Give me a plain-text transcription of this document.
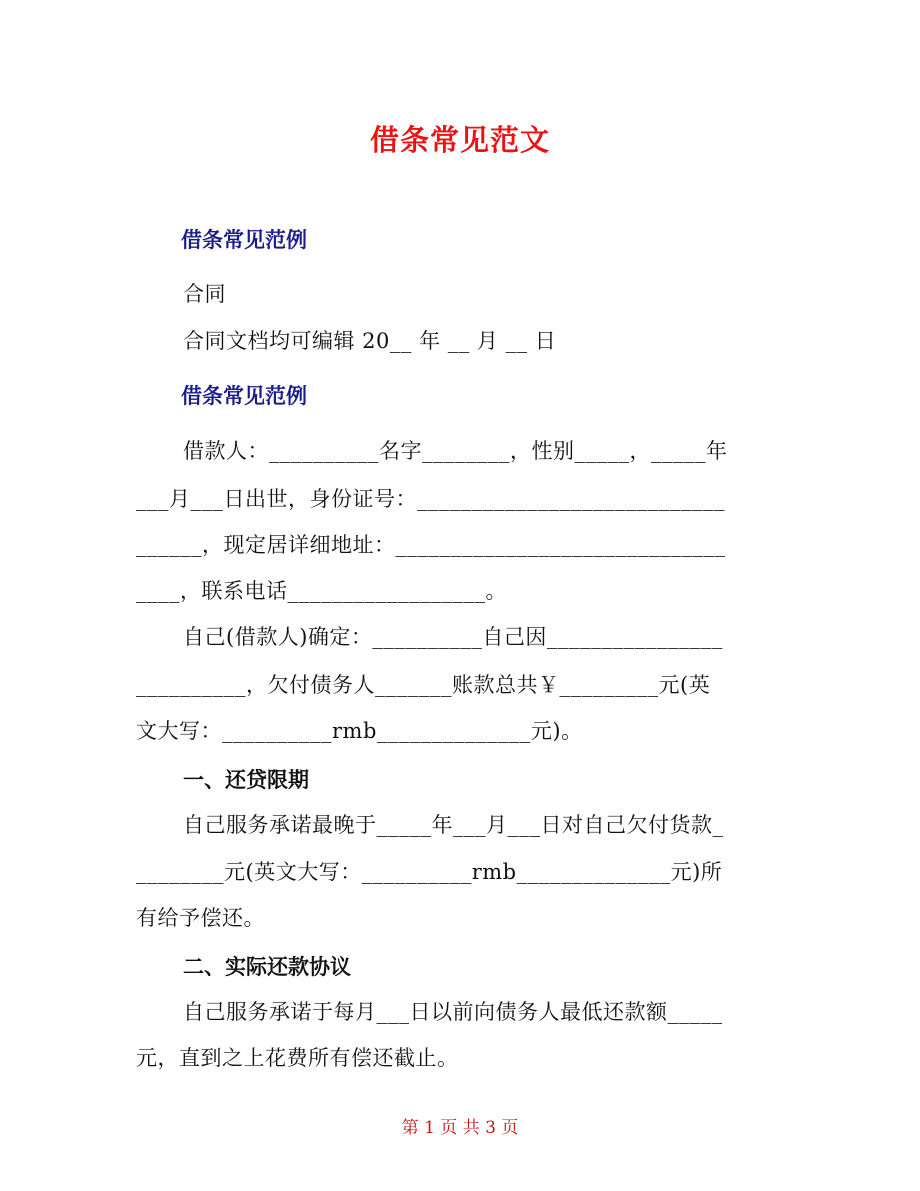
借条常见范文
借条常见范例
合同
合同文档均可编辑 20__ 年 __ 月 __ 日
借条常见范例
借款人：__________名字________，性别_____，_____年
___月___日出世，身份证号：____________________________
______，现定居详细地址：______________________________
____，联系电话__________________。
自己(借款人)确定：__________自己因________________
__________，欠付债务人_______账款总共￥_________元(英
文大写：__________rmb______________元)。
一、还贷限期
自己服务承诺最晚于_____年___月___日对自己欠付货款_
________元(英文大写：__________rmb______________元)所
有给予偿还。
二、实际还款协议
自己服务承诺于每月___日以前向债务人最低还款额_____
元，直到之上花费所有偿还截止。
第 1 页 共 3 页
